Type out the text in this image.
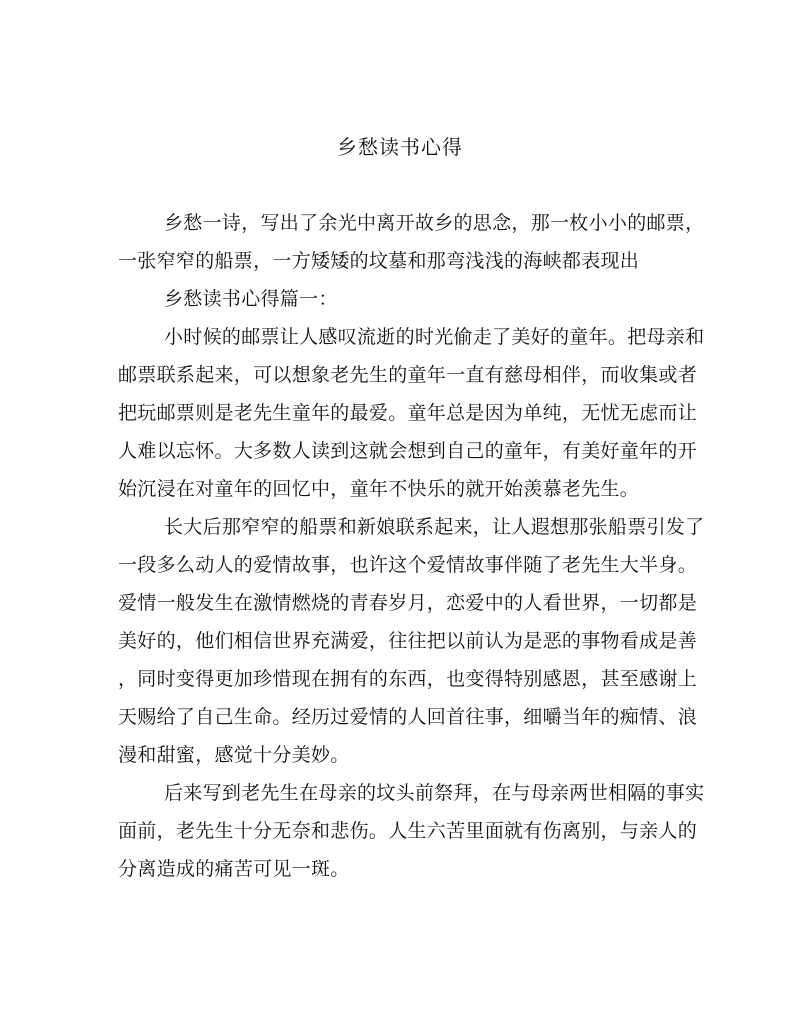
乡愁读书心得
乡愁一诗，写出了余光中离开故乡的思念，那一枚小小的邮票，
一张窄窄的船票，一方矮矮的坟墓和那弯浅浅的海峡都表现出
乡愁读书心得篇一：
小时候的邮票让人感叹流逝的时光偷走了美好的童年。把母亲和
邮票联系起来，可以想象老先生的童年一直有慈母相伴，而收集或者
把玩邮票则是老先生童年的最爱。童年总是因为单纯，无忧无虑而让
人难以忘怀。大多数人读到这就会想到自己的童年，有美好童年的开
始沉浸在对童年的回忆中，童年不快乐的就开始羡慕老先生。
长大后那窄窄的船票和新娘联系起来，让人遐想那张船票引发了
一段多么动人的爱情故事，也许这个爱情故事伴随了老先生大半身。
爱情一般发生在激情燃烧的青春岁月，恋爱中的人看世界，一切都是
美好的，他们相信世界充满爱，往往把以前认为是恶的事物看成是善
，同时变得更加珍惜现在拥有的东西，也变得特别感恩，甚至感谢上
天赐给了自己生命。经历过爱情的人回首往事，细嚼当年的痴情、浪
漫和甜蜜，感觉十分美妙。
后来写到老先生在母亲的坟头前祭拜，在与母亲两世相隔的事实
面前，老先生十分无奈和悲伤。人生六苦里面就有伤离别，与亲人的
分离造成的痛苦可见一斑。
